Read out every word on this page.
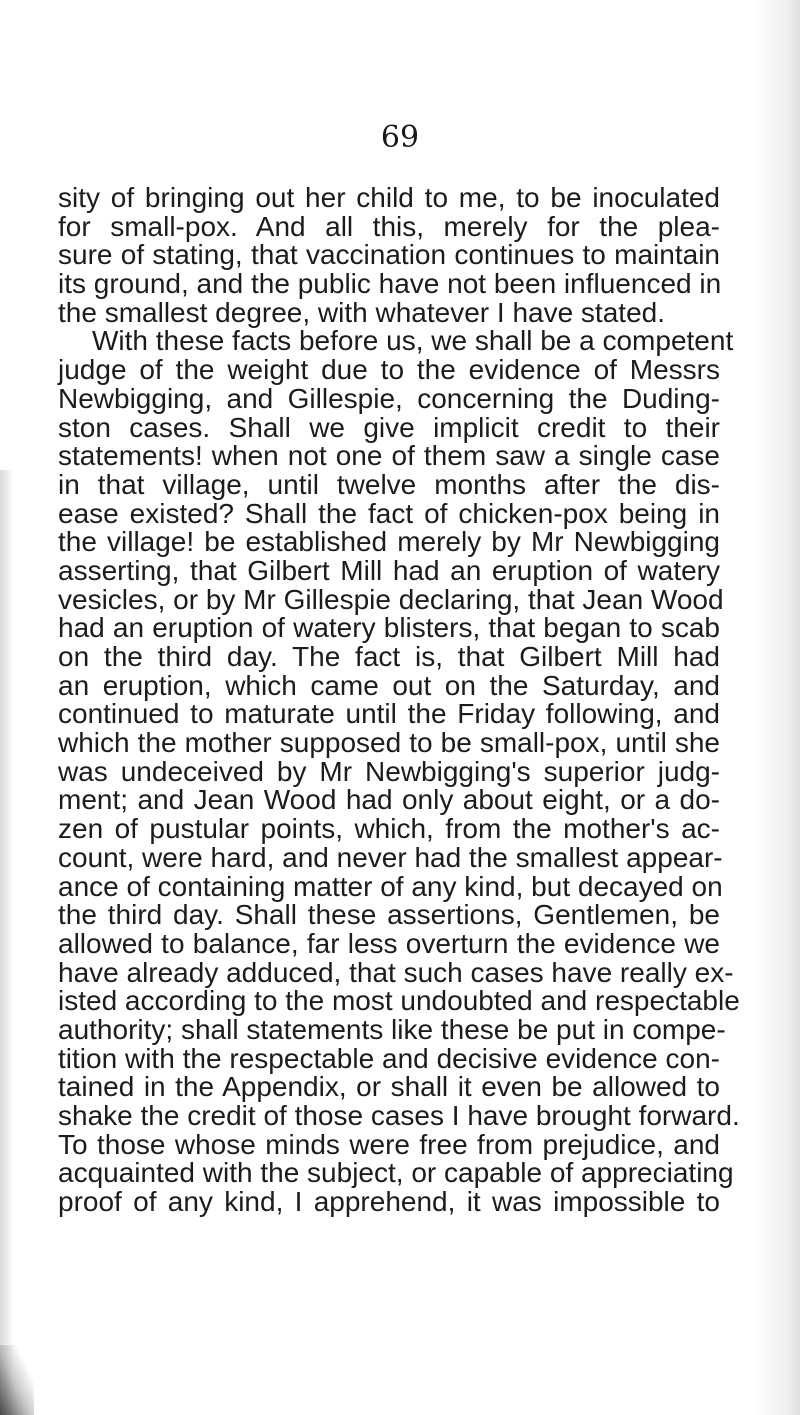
69

sity of bringing out her child to me, to be inoculated
for small-pox. And all this, merely for the plea-
sure of stating, that vaccination continues to maintain
its ground, and the public have not been influenced in
the smallest degree, with whatever I have stated.
With these facts before us, we shall be a competent
judge of the weight due to the evidence of Messrs
Newbigging, and Gillespie, concerning the Duding-
ston cases. Shall we give implicit credit to their
statements! when not one of them saw a single case
in that village, until twelve months after the dis-
ease existed? Shall the fact of chicken-pox being in
the village! be established merely by Mr Newbigging
asserting, that Gilbert Mill had an eruption of watery
vesicles, or by Mr Gillespie declaring, that Jean Wood
had an eruption of watery blisters, that began to scab
on the third day. The fact is, that Gilbert Mill had
an eruption, which came out on the Saturday, and
continued to maturate until the Friday following, and
which the mother supposed to be small-pox, until she
was undeceived by Mr Newbigging's superior judg-
ment; and Jean Wood had only about eight, or a do-
zen of pustular points, which, from the mother's ac-
count, were hard, and never had the smallest appear-
ance of containing matter of any kind, but decayed on
the third day. Shall these assertions, Gentlemen, be
allowed to balance, far less overturn the evidence we
have already adduced, that such cases have really ex-
isted according to the most undoubted and respectable
authority; shall statements like these be put in compe-
tition with the respectable and decisive evidence con-
tained in the Appendix, or shall it even be allowed to
shake the credit of those cases I have brought forward.
To those whose minds were free from prejudice, and
acquainted with the subject, or capable of appreciating
proof of any kind, I apprehend, it was impossible to
